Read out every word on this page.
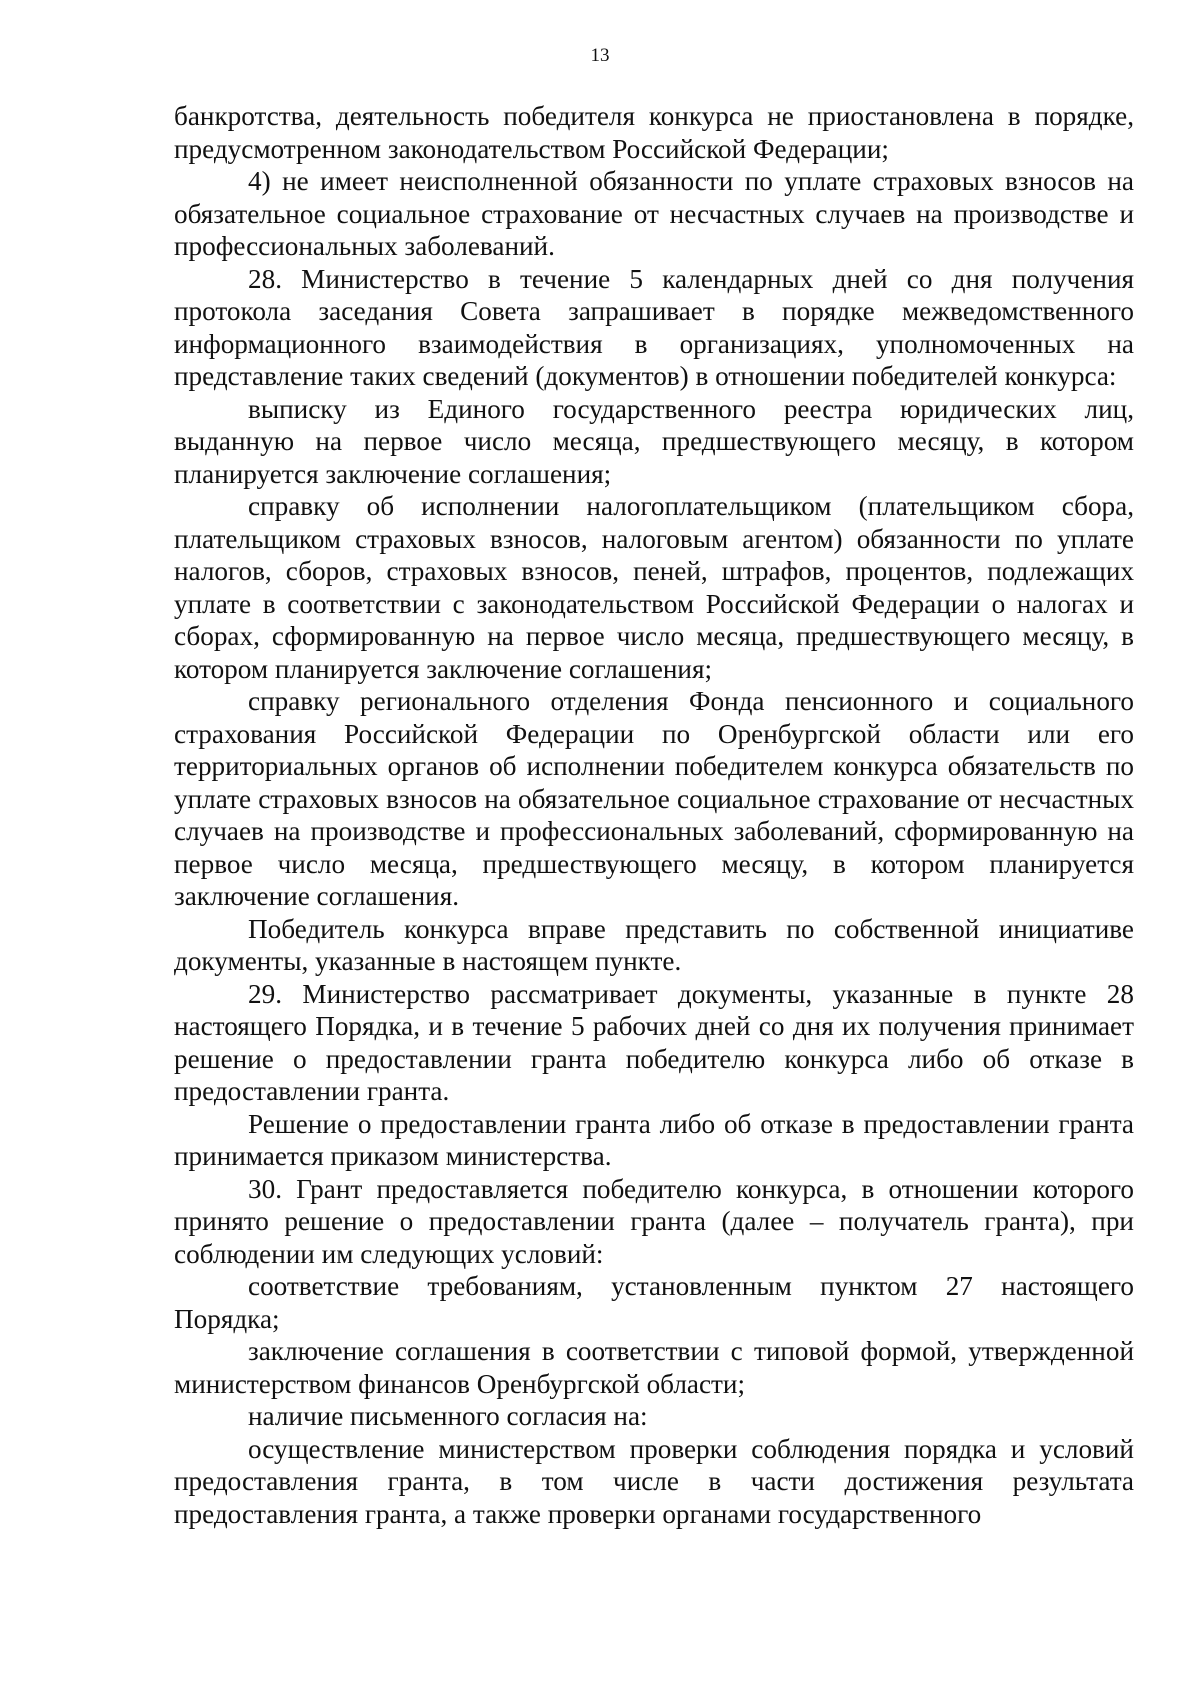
13

банкротства, деятельность победителя конкурса не приостановлена в порядке, предусмотренном законодательством Российской Федерации;

4) не имеет неисполненной обязанности по уплате страховых взносов на обязательное социальное страхование от несчастных случаев на производстве и профессиональных заболеваний.

28. Министерство в течение 5 календарных дней со дня получения протокола заседания Совета запрашивает в порядке межведомственного информационного взаимодействия в организациях, уполномоченных на представление таких сведений (документов) в отношении победителей конкурса:

выписку из Единого государственного реестра юридических лиц, выданную на первое число месяца, предшествующего месяцу, в котором планируется заключение соглашения;

справку об исполнении налогоплательщиком (плательщиком сбора, плательщиком страховых взносов, налоговым агентом) обязанности по уплате налогов, сборов, страховых взносов, пеней, штрафов, процентов, подлежащих уплате в соответствии с законодательством Российской Федерации о налогах и сборах, сформированную на первое число месяца, предшествующего месяцу, в котором планируется заключение соглашения;

справку регионального отделения Фонда пенсионного и социального страхования Российской Федерации по Оренбургской области или его территориальных органов об исполнении победителем конкурса обязательств по уплате страховых взносов на обязательное социальное страхование от несчастных случаев на производстве и профессиональных заболеваний, сформированную на первое число месяца, предшествующего месяцу, в котором планируется заключение соглашения.

Победитель конкурса вправе представить по собственной инициативе документы, указанные в настоящем пункте.

29. Министерство рассматривает документы, указанные в пункте 28 настоящего Порядка, и в течение 5 рабочих дней со дня их получения принимает решение о предоставлении гранта победителю конкурса либо об отказе в предоставлении гранта.

Решение о предоставлении гранта либо об отказе в предоставлении гранта принимается приказом министерства.

30. Грант предоставляется победителю конкурса, в отношении которого принято решение о предоставлении гранта (далее – получатель гранта), при соблюдении им следующих условий:

соответствие требованиям, установленным пунктом 27 настоящего Порядка;

заключение соглашения в соответствии с типовой формой, утвержденной министерством финансов Оренбургской области;

наличие письменного согласия на:

осуществление министерством проверки соблюдения порядка и условий предоставления гранта, в том числе в части достижения результата предоставления гранта, а также проверки органами государственного
